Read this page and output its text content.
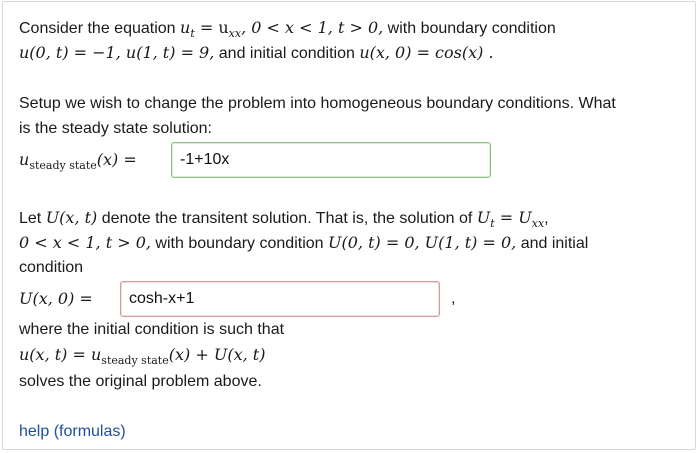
Consider the equation $u_t = u_{xx}$, 0 < x < 1, t > 0, with boundary condition
u(0, t) = −1, u(1, t) = 9, and initial condition u(x, 0) = cos(x) .
Setup we wish to change the problem into homogeneous boundary conditions. What
is the steady state solution:
$u_{steady state}(x)$ =	-1+10x
Let U(x, t) denote the transitent solution. That is, the solution of $U_t = U_{xx}$,
0 < x < 1, t > 0, with boundary condition U(0, t) = 0, U(1, t) = 0, and initial
condition
U(x, 0) =	cosh-x+1	,
where the initial condition is such that
u(x, $t) = u_{steady state}(x) + U(x$, t)
solves the original problem above.
help (formulas)
